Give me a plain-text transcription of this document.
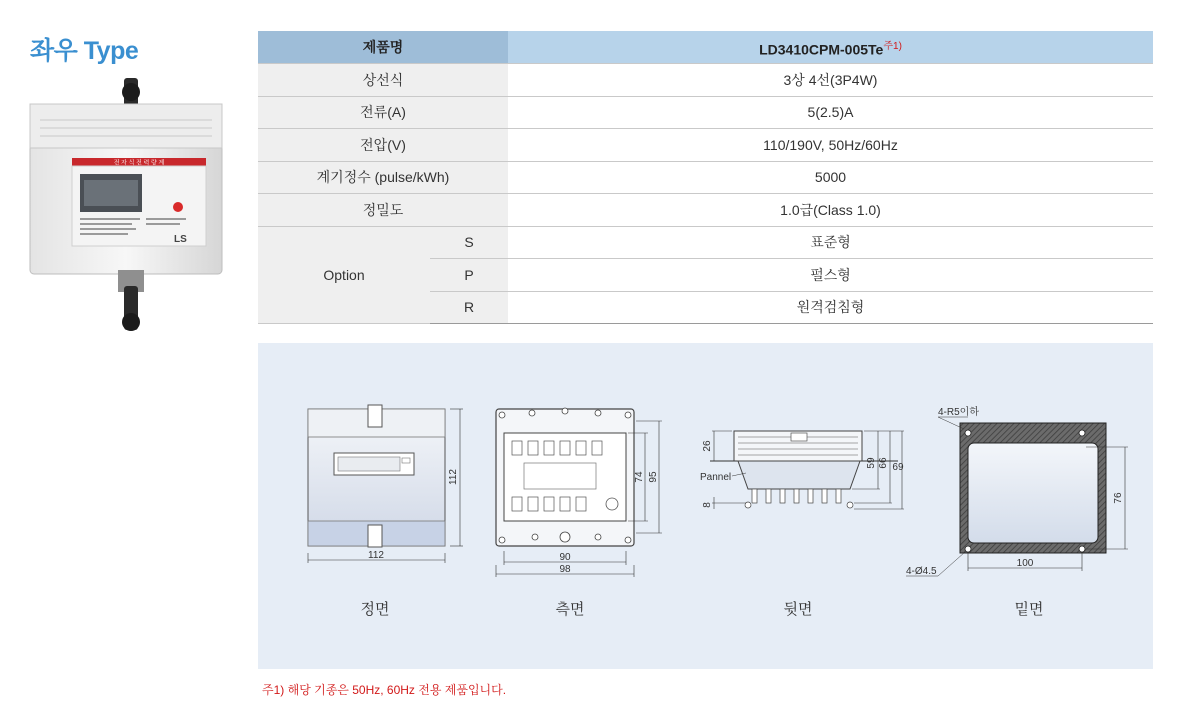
좌우 Type
전 자 식 전 력 량 계
LS
제품명		$LD3410CPM-005Te^{주1)}$
상선식		3상 4선(3P4W)
전류(A)		5(2.5)A
전압(V)		110/190V, 50Hz/60Hz
계기정수 (pulse/kWh)		5000
정밀도		1.0급(Class 1.0)
Option	S	표준형
	P	펄스형
	R	원격검침형
112
112
정면
90
98
74 95
측면
Pannel
26
8
59 66 69
뒷면
4-R5이하
4-Ø4.5
100
76
밑면
주1) 해당 기종은 50Hz, 60Hz 전용 제품입니다.
